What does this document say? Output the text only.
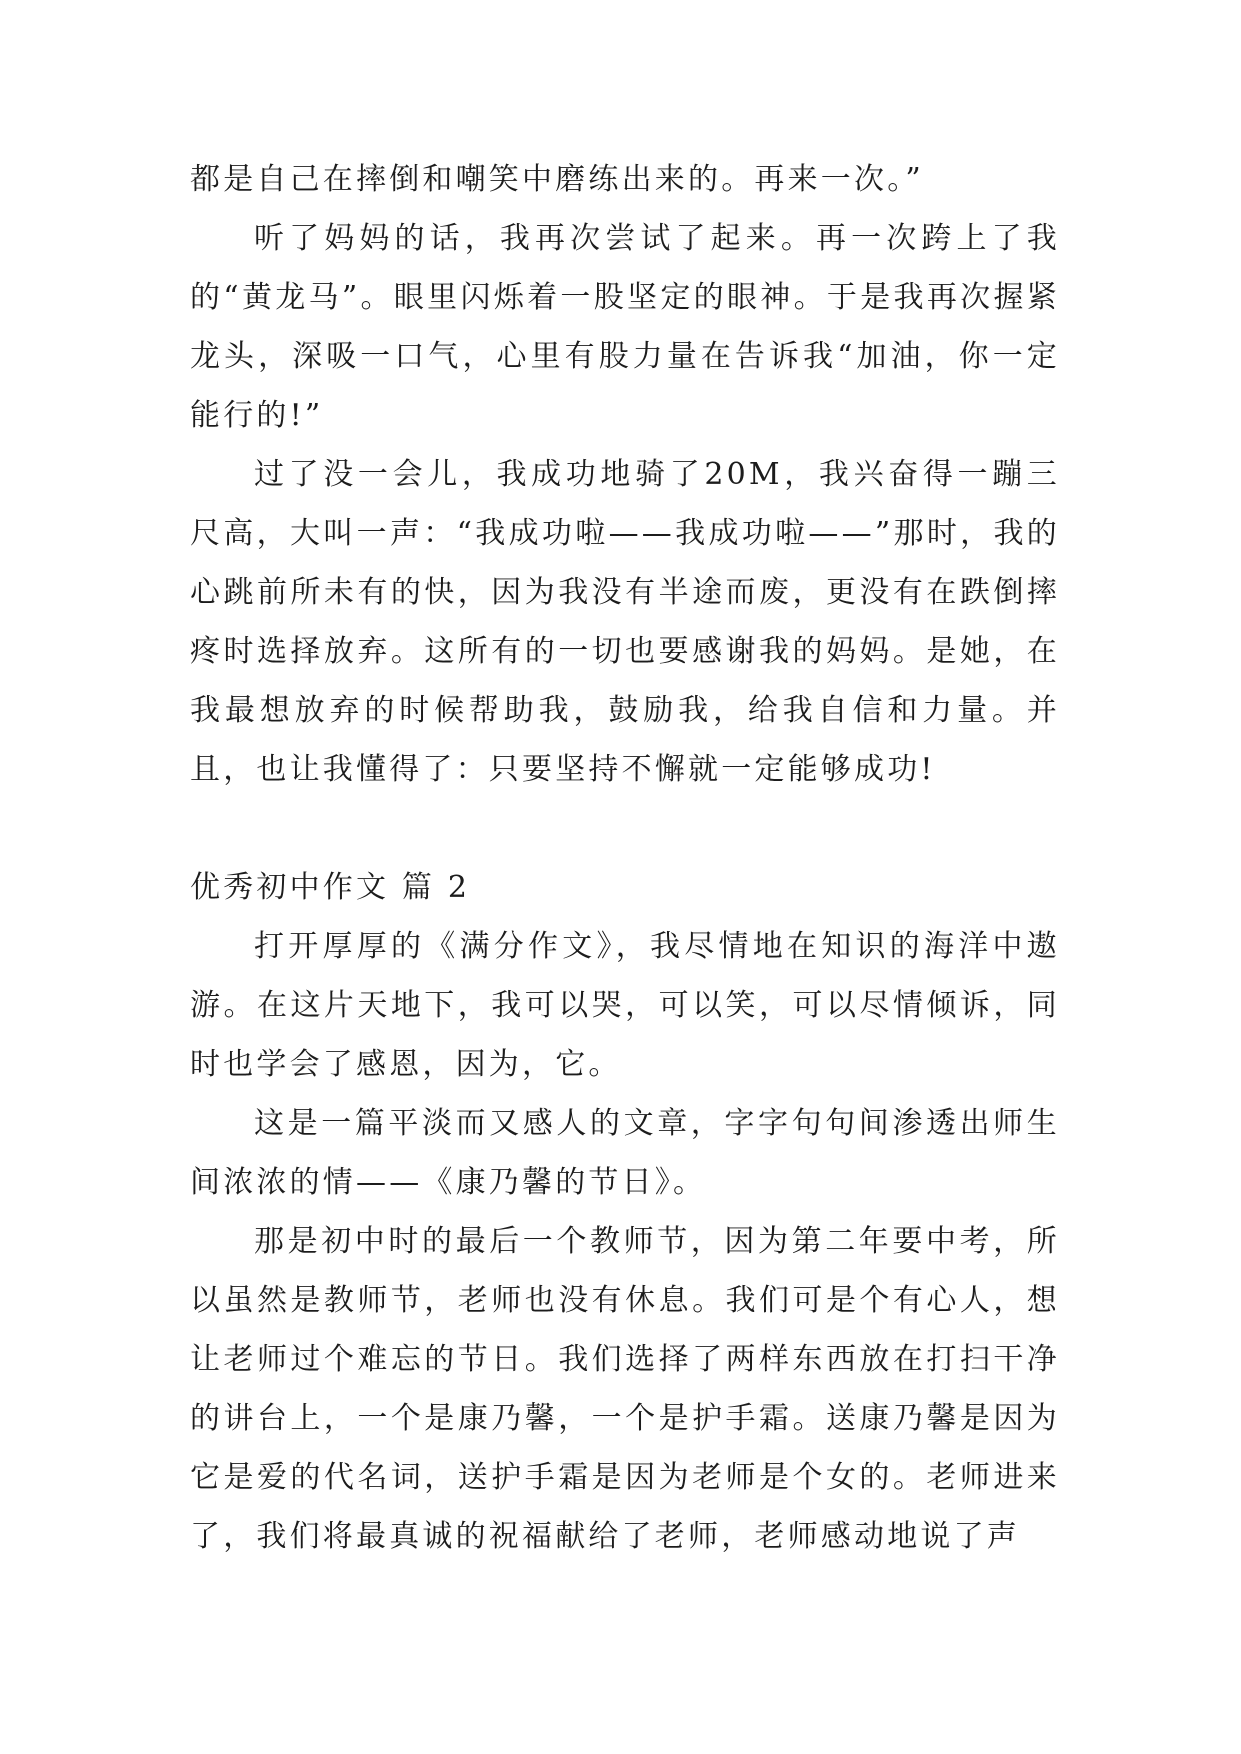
都是自己在摔倒和嘲笑中磨练出来的。再来一次。”

听了妈妈的话，我再次尝试了起来。再一次跨上了我的“黄龙马”。眼里闪烁着一股坚定的眼神。于是我再次握紧龙头，深吸一口气，心里有股力量在告诉我“加油，你一定能行的!”

过了没一会儿，我成功地骑了20M，我兴奋得一蹦三尺高，大叫一声：“我成功啦——我成功啦——”那时，我的心跳前所未有的快，因为我没有半途而废，更没有在跌倒摔疼时选择放弃。这所有的一切也要感谢我的妈妈。是她，在我最想放弃的时候帮助我，鼓励我，给我自信和力量。并且，也让我懂得了：只要坚持不懈就一定能够成功!

优秀初中作文 篇 2

打开厚厚的《满分作文》，我尽情地在知识的海洋中遨游。在这片天地下，我可以哭，可以笑，可以尽情倾诉，同时也学会了感恩，因为，它。

这是一篇平淡而又感人的文章，字字句句间渗透出师生间浓浓的情——《康乃馨的节日》。

那是初中时的最后一个教师节，因为第二年要中考，所以虽然是教师节，老师也没有休息。我们可是个有心人，想让老师过个难忘的节日。我们选择了两样东西放在打扫干净的讲台上，一个是康乃馨，一个是护手霜。送康乃馨是因为它是爱的代名词，送护手霜是因为老师是个女的。老师进来了，我们将最真诚的祝福献给了老师，老师感动地说了声
